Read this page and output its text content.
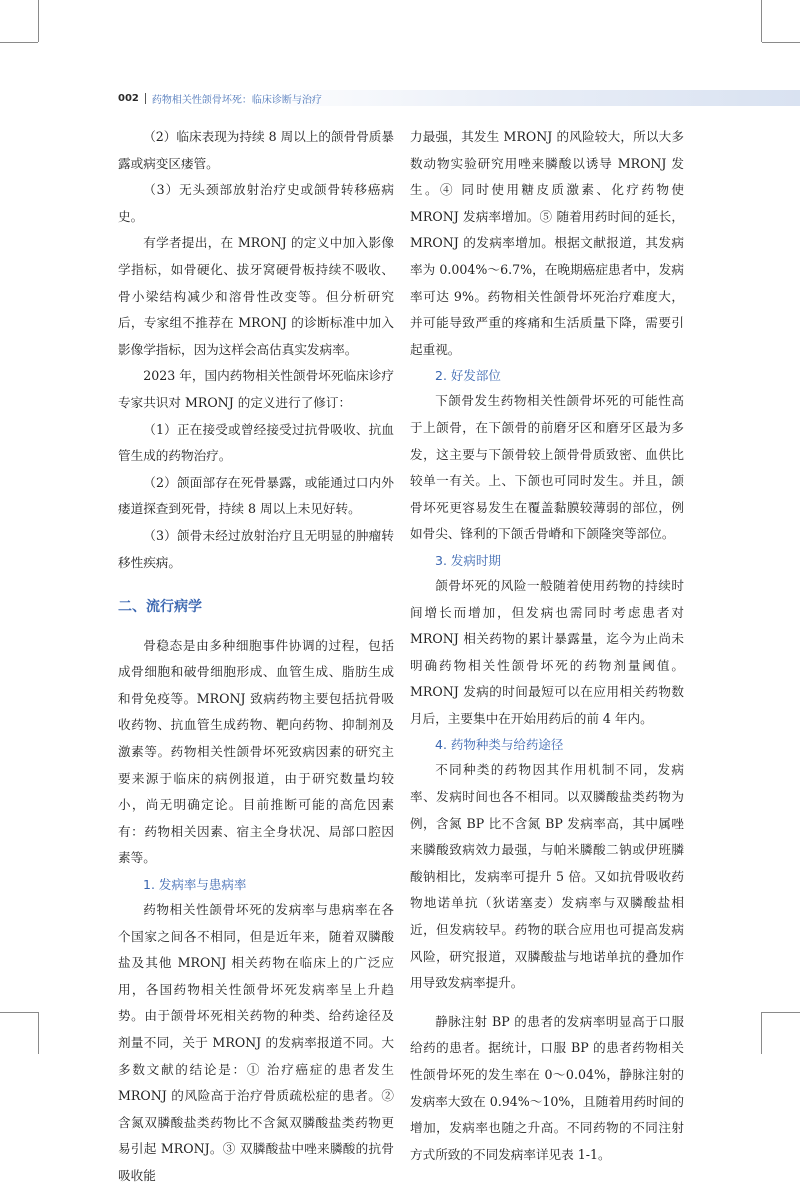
002 药物相关性颌骨坏死：临床诊断与治疗

（2）临床表现为持续 8 周以上的颌骨骨质暴露或病变区瘘管。

（3）无头颈部放射治疗史或颌骨转移癌病史。

有学者提出，在 MRONJ 的定义中加入影像学指标，如骨硬化、拔牙窝硬骨板持续不吸收、骨小梁结构减少和溶骨性改变等。但分析研究后，专家组不推荐在 MRONJ 的诊断标准中加入影像学指标，因为这样会高估真实发病率。

2023 年，国内药物相关性颌骨坏死临床诊疗专家共识对 MRONJ 的定义进行了修订：

（1）正在接受或曾经接受过抗骨吸收、抗血管生成的药物治疗。

（2）颌面部存在死骨暴露，或能通过口内外瘘道探查到死骨，持续 8 周以上未见好转。

（3）颌骨未经过放射治疗且无明显的肿瘤转移性疾病。

二、流行病学

骨稳态是由多种细胞事件协调的过程，包括成骨细胞和破骨细胞形成、血管生成、脂肪生成和骨免疫等。MRONJ 致病药物主要包括抗骨吸收药物、抗血管生成药物、靶向药物、抑制剂及激素等。药物相关性颌骨坏死致病因素的研究主要来源于临床的病例报道，由于研究数量均较小，尚无明确定论。目前推断可能的高危因素有：药物相关因素、宿主全身状况、局部口腔因素等。

1. 发病率与患病率

药物相关性颌骨坏死的发病率与患病率在各个国家之间各不相同，但是近年来，随着双膦酸盐及其他 MRONJ 相关药物在临床上的广泛应用，各国药物相关性颌骨坏死发病率呈上升趋势。由于颌骨坏死相关药物的种类、给药途径及剂量不同，关于 MRONJ 的发病率报道不同。大多数文献的结论是：① 治疗癌症的患者发生 MRONJ 的风险高于治疗骨质疏松症的患者。② 含氮双膦酸盐类药物比不含氮双膦酸盐类药物更易引起 MRONJ。③ 双膦酸盐中唑来膦酸的抗骨吸收能

力最强，其发生 MRONJ 的风险较大，所以大多数动物实验研究用唑来膦酸以诱导 MRONJ 发生。④ 同时使用糖皮质激素、化疗药物使 MRONJ 发病率增加。⑤ 随着用药时间的延长，MRONJ 的发病率增加。根据文献报道，其发病率为 0.004%～6.7%，在晚期癌症患者中，发病率可达 9%。药物相关性颌骨坏死治疗难度大，并可能导致严重的疼痛和生活质量下降，需要引起重视。

2. 好发部位

下颌骨发生药物相关性颌骨坏死的可能性高于上颌骨，在下颌骨的前磨牙区和磨牙区最为多发，这主要与下颌骨较上颌骨骨质致密、血供比较单一有关。上、下颌也可同时发生。并且，颌骨坏死更容易发生在覆盖黏膜较薄弱的部位，例如骨尖、锋利的下颌舌骨嵴和下颌隆突等部位。

3. 发病时期

颌骨坏死的风险一般随着使用药物的持续时间增长而增加，但发病也需同时考虑患者对 MRONJ 相关药物的累计暴露量，迄今为止尚未明确药物相关性颌骨坏死的药物剂量阈值。MRONJ 发病的时间最短可以在应用相关药物数月后，主要集中在开始用药后的前 4 年内。

4. 药物种类与给药途径

不同种类的药物因其作用机制不同，发病率、发病时间也各不相同。以双膦酸盐类药物为例，含氮 BP 比不含氮 BP 发病率高，其中属唑来膦酸致病效力最强，与帕米膦酸二钠或伊班膦酸钠相比，发病率可提升 5 倍。又如抗骨吸收药物地诺单抗（狄诺塞麦）发病率与双膦酸盐相近，但发病较早。药物的联合应用也可提高发病风险，研究报道，双膦酸盐与地诺单抗的叠加作用导致发病率提升。

静脉注射 BP 的患者的发病率明显高于口服给药的患者。据统计，口服 BP 的患者药物相关性颌骨坏死的发生率在 0～0.04%，静脉注射的发病率大致在 0.94%～10%，且随着用药时间的增加，发病率也随之升高。不同药物的不同注射方式所致的不同发病率详见表 1-1。
